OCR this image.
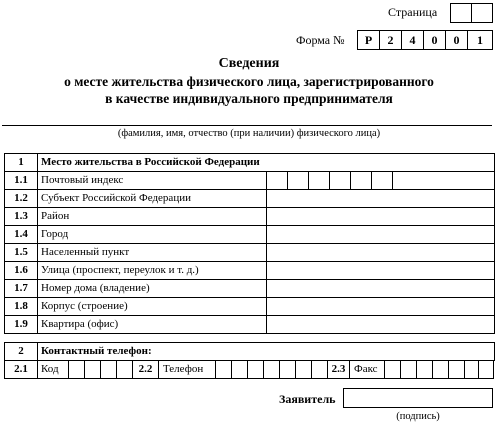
Страница
Форма №	Р	2	4	0	0	1
Сведения
о месте жительства физического лица, зарегистрированного
в качестве индивидуального предпринимателя
(фамилия, имя, отчество (при наличии) физического лица)
1	Место жительства в Российской Федерации	
1.1	Почтовый индекс	

1.2	Субъект Российской Федерации	
1.3	Район	
1.4	Город	
1.5	Населенный пункт	
1.6	Улица (проспект, переулок и т. д.)	
1.7	Номер дома (владение)	
1.8	Корпус (строение)	
1.9	Квартира (офис)	
2	Контактный телефон:
2.1	Код	2.2 Телефон	2.3 Факс
Заявитель
(подпись)
